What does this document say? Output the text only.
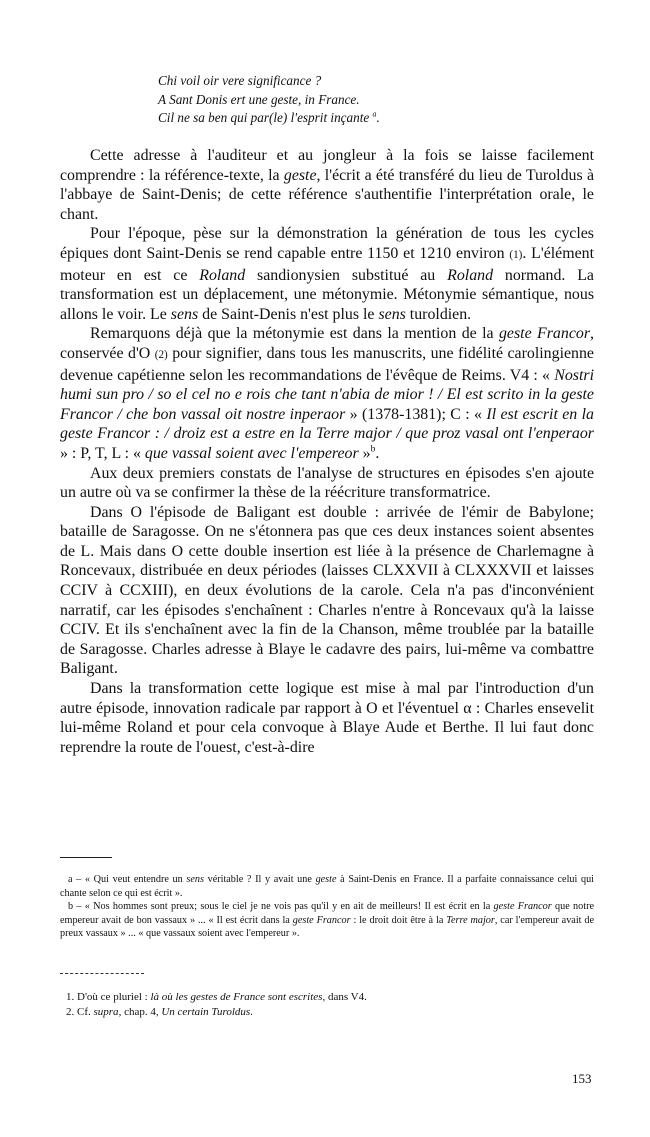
Chi voil oir vere significance ?
A Sant Donis ert une geste, in France.
Cil ne sa ben qui par(le) l'esprit inçante $^a$.

Cette adresse à l'auditeur et au jongleur à la fois se laisse facilement comprendre : la référence-texte, la geste, l'écrit a été transféré du lieu de Turoldus à l'abbaye de Saint-Denis; de cette référence s'authentifie l'interprétation orale, le chant.

Pour l'époque, pèse sur la démonstration la génération de tous les cycles épiques dont Saint-Denis se rend capable entre 1150 et 1210 environ (1). L'élément moteur en est ce Roland sandionysien substitué au Roland normand. La transformation est un déplacement, une métonymie. Métonymie sémantique, nous allons le voir. Le sens de Saint-Denis n'est plus le sens turoldien.

Remarquons déjà que la métonymie est dans la mention de la geste Francor, conservée d'O (2) pour signifier, dans tous les manuscrits, une fidélité carolingienne devenue capétienne selon les recommandations de l'évêque de Reims. V4 : « Nostri humi sun pro / so el cel no e rois che tant n'abia de mior ! / El est scrito in la geste Francor / che bon vassal oit nostre inperaor » (1378-1381); C : « Il est escrit en la geste Francor : / droiz est a estre en la Terre major / que proz vasal ont l'enperaor » : P, T, L : « que vassal soient avec l'empereor »$^b$.

Aux deux premiers constats de l'analyse de structures en épisodes s'en ajoute un autre où va se confirmer la thèse de la réécriture transformatrice.

Dans O l'épisode de Baligant est double : arrivée de l'émir de Babylone; bataille de Saragosse. On ne s'étonnera pas que ces deux instances soient absentes de L. Mais dans O cette double insertion est liée à la présence de Charlemagne à Roncevaux, distribuée en deux périodes (laisses CLXXVII à CLXXXVII et laisses CCIV à CCXIII), en deux évolutions de la carole. Cela n'a pas d'inconvénient narratif, car les épisodes s'enchaînent : Charles n'entre à Roncevaux qu'à la laisse CCIV. Et ils s'enchaînent avec la fin de la Chanson, même troublée par la bataille de Saragosse. Charles adresse à Blaye le cadavre des pairs, lui-même va combattre Baligant.

Dans la transformation cette logique est mise à mal par l'introduction d'un autre épisode, innovation radicale par rapport à O et l'éventuel α : Charles ensevelit lui-même Roland et pour cela convoque à Blaye Aude et Berthe. Il lui faut donc reprendre la route de l'ouest, c'est-à-dire

a – « Qui veut entendre un sens véritable ? Il y avait une geste à Saint-Denis en France. Il a parfaite connaissance celui qui chante selon ce qui est écrit ».

b – « Nos hommes sont preux; sous le ciel je ne vois pas qu'il y en ait de meilleurs! Il est écrit en la geste Francor que notre empereur avait de bon vassaux » ... « Il est écrit dans la geste Francor : le droit doit être à la Terre major, car l'empereur avait de preux vassaux » ... « que vassaux soient avec l'empereur ».

1. D'où ce pluriel : là où les gestes de France sont escrites, dans V4.

2. Cf. supra, chap. 4, Un certain Turoldus.

153
